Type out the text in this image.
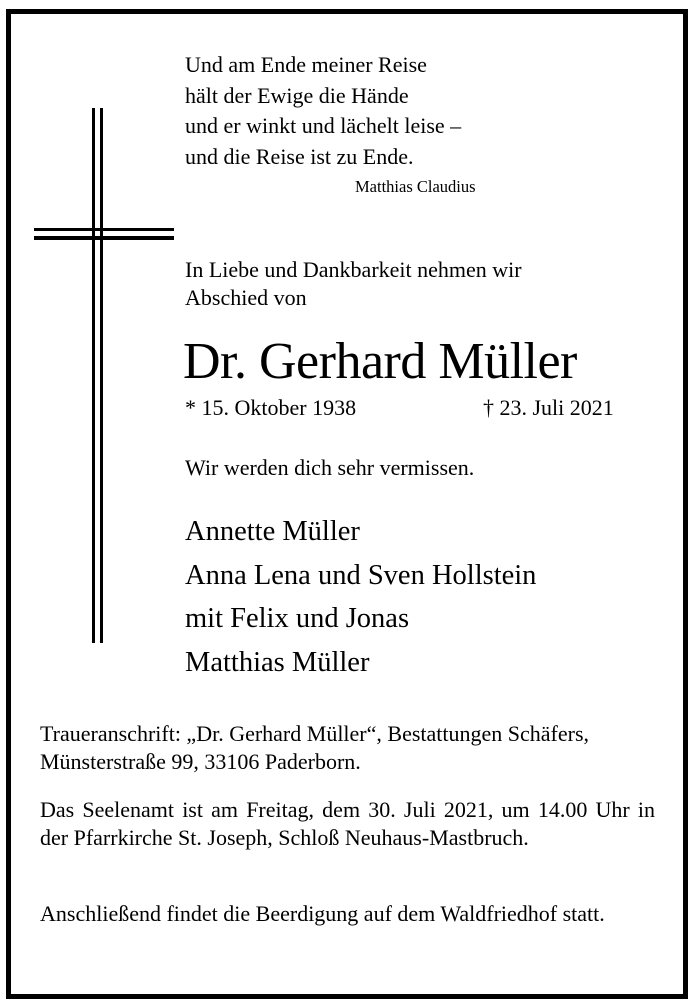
Und am Ende meiner Reise
hält der Ewige die Hände
und er winkt und lächelt leise –
und die Reise ist zu Ende.
Matthias Claudius
In Liebe und Dankbarkeit nehmen wir
Abschied von
Dr. Gerhard Müller
* 15. Oktober 1938	† 23. Juli 2021
Wir werden dich sehr vermissen.
Annette Müller
Anna Lena und Sven Hollstein
mit Felix und Jonas
Matthias Müller

Traueranschrift: „Dr. Gerhard Müller“, Bestattungen Schäfers, Münsterstraße 99, 33106 Paderborn.

Das Seelenamt ist am Freitag, dem 30. Juli 2021, um 14.00 Uhr in der Pfarrkirche St. Joseph, Schloß Neuhaus-Mastbruch.

Anschließend findet die Beerdigung auf dem Waldfriedhof statt.
